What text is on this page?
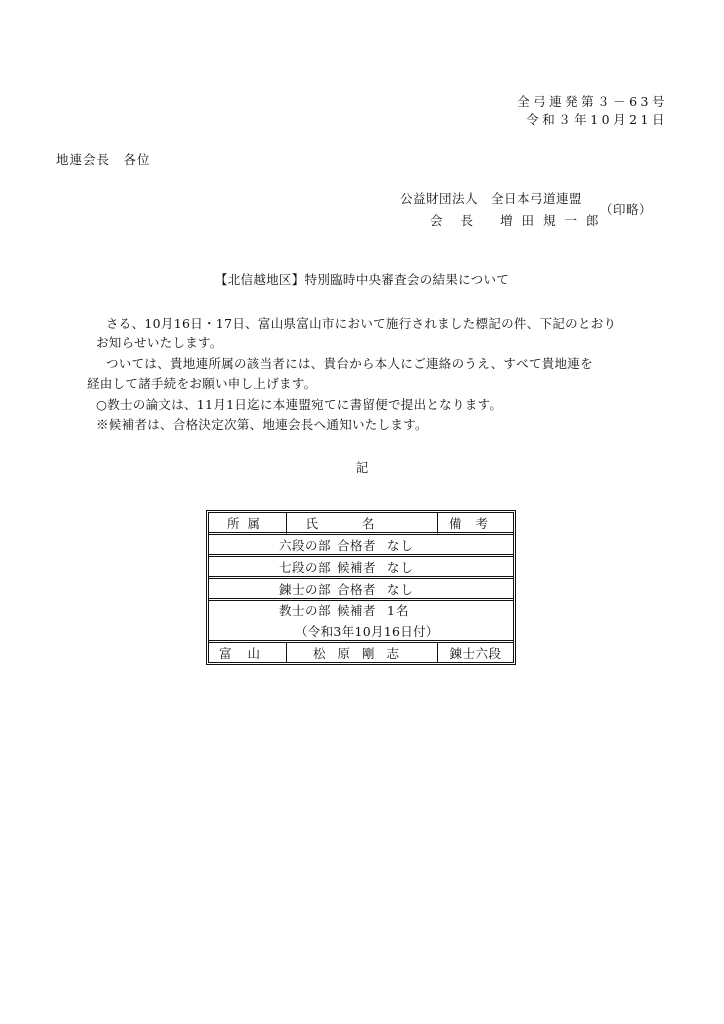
全弓連発第３－63号
令和３年10月21日
地連会長　各位
公益財団法人　全日本弓道連盟
会長 増田規一郎
（印略）
【北信越地区】特別臨時中央審査会の結果について
さる、10月16日・17日、富山県富山市において施行されました標記の件、下記のとおり
お知らせいたします。
ついては、貴地連所属の該当者には、貴台から本人にご連絡のうえ、すべて貴地連を
経由して諸手続をお願い申し上げます。
○教士の論文は、11月1日迄に本連盟宛てに書留便で提出となります。
※候補者は、合格決定次第、地連会長へ通知いたします。
記
所属	氏名	備考
六段の部 合格者 なし		
七段の部 候補者 なし		
錬士の部 合格者 なし		
教士の部 候補者 1名
（令和3年10月16日付）		

富山	松原剛志	錬士六段
